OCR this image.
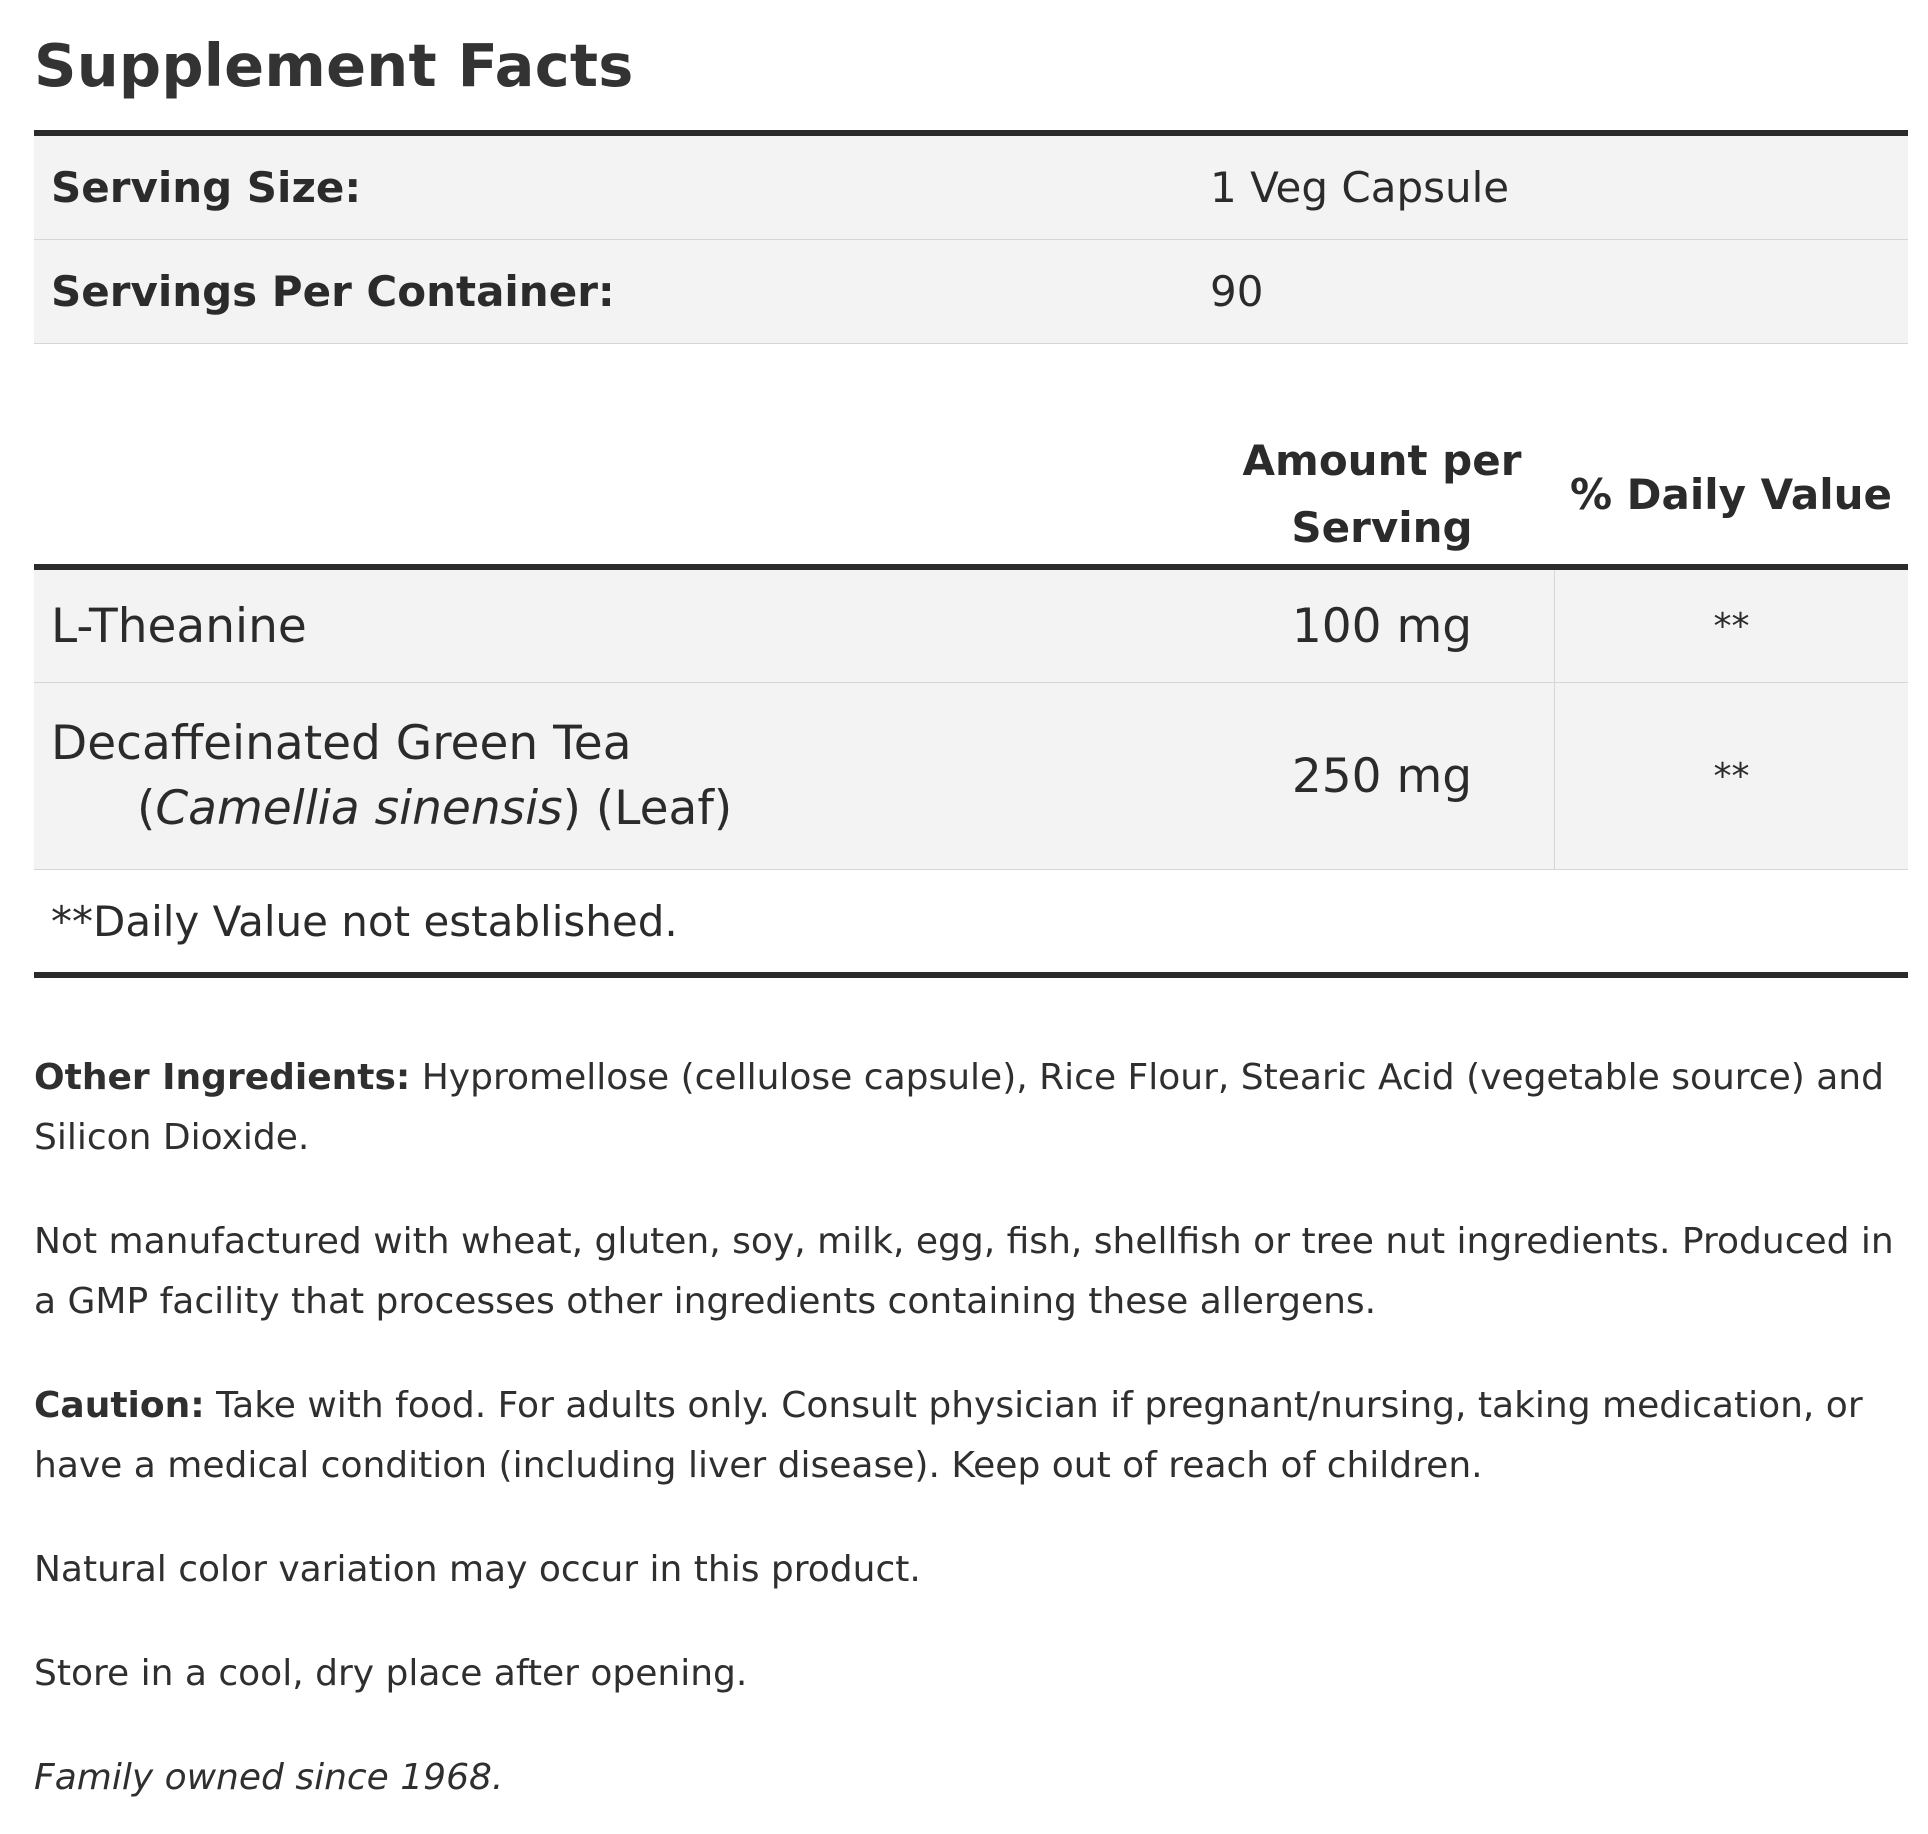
Supplement Facts
Serving Size:	1 Veg Capsule
Servings Per Container:	90
Amount per
Serving
% Daily Value
L-Theanine	100 mg	**
Decaffeinated Green Tea
(Camellia sinensis) (Leaf)
250 mg	**
**Daily Value not established.

Other Ingredients: Hypromellose (cellulose capsule), Rice Flour, Stearic Acid (vegetable source) and Silicon Dioxide.

Not manufactured with wheat, gluten, soy, milk, egg, fish, shellfish or tree nut ingredients. Produced in a GMP facility that processes other ingredients containing these allergens.

Caution: Take with food. For adults only. Consult physician if pregnant/nursing, taking medication, or have a medical condition (including liver disease). Keep out of reach of children.

Natural color variation may occur in this product.

Store in a cool, dry place after opening.

Family owned since 1968.
